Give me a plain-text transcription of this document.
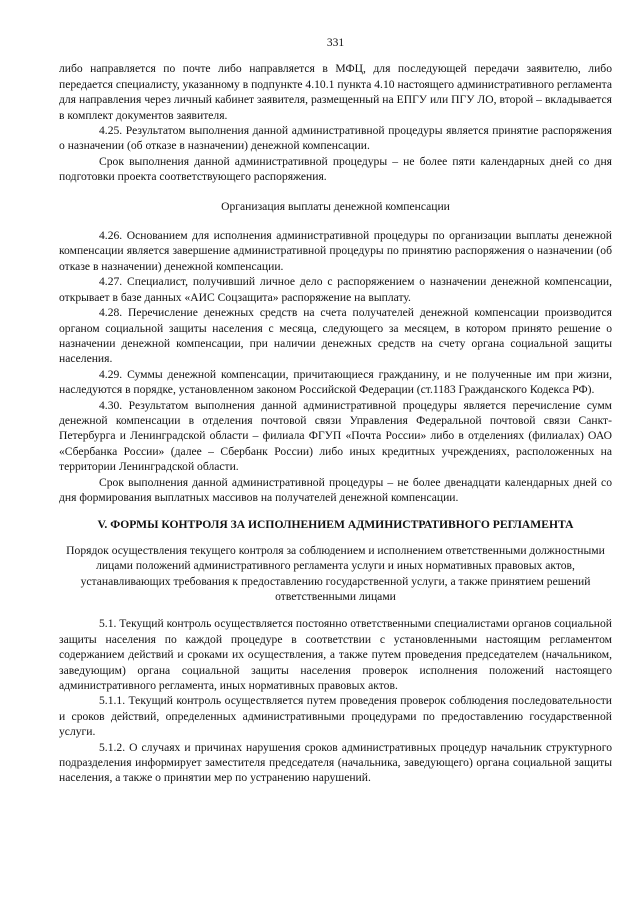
331

либо направляется по почте либо направляется в МФЦ, для последующей передачи заявителю, либо передается специалисту, указанному в подпункте 4.10.1 пункта 4.10 настоящего административного регламента для направления через личный кабинет заявителя, размещенный на ЕПГУ или ПГУ ЛО, второй – вкладывается в комплект документов заявителя.

4.25. Результатом выполнения данной административной процедуры является принятие распоряжения о назначении (об отказе в назначении) денежной компенсации.

Срок выполнения данной административной процедуры – не более пяти календарных дней со дня подготовки проекта соответствующего распоряжения.

Организация выплаты денежной компенсации

4.26. Основанием для исполнения административной процедуры по организации выплаты денежной компенсации является завершение административной процедуры по принятию распоряжения о назначении (об отказе в назначении) денежной компенсации.

4.27. Специалист, получивший личное дело с распоряжением о назначении денежной компенсации, открывает в базе данных «АИС Соцзащита» распоряжение на выплату.

4.28. Перечисление денежных средств на счета получателей денежной компенсации производится органом социальной защиты населения с месяца, следующего за месяцем, в котором принято решение о назначении денежной компенсации, при наличии денежных средств на счету органа социальной защиты населения.

4.29. Суммы денежной компенсации, причитающиеся гражданину, и не полученные им при жизни, наследуются в порядке, установленном законом Российской Федерации (ст.1183 Гражданского Кодекса РФ).

4.30. Результатом выполнения данной административной процедуры является перечисление сумм денежной компенсации в отделения почтовой связи Управления Федеральной почтовой связи Санкт-Петербурга и Ленинградской области – филиала ФГУП «Почта России» либо в отделениях (филиалах) ОАО «Сбербанка России» (далее – Сбербанк России) либо иных кредитных учреждениях, расположенных на территории Ленинградской области.

Срок выполнения данной административной процедуры – не более двенадцати календарных дней со дня формирования выплатных массивов на получателей денежной компенсации.

V. ФОРМЫ КОНТРОЛЯ ЗА ИСПОЛНЕНИЕМ АДМИНИСТРАТИВНОГО РЕГЛАМЕНТА
Порядок осуществления текущего контроля за соблюдением и исполнением ответственными должностными лицами положений административного регламента услуги и иных нормативных правовых актов, устанавливающих требования к предоставлению государственной услуги, а также принятием решений ответственными лицами

5.1. Текущий контроль осуществляется постоянно ответственными специалистами органов социальной защиты населения по каждой процедуре в соответствии с установленными настоящим регламентом содержанием действий и сроками их осуществления, а также путем проведения председателем (начальником, заведующим) органа социальной защиты населения проверок исполнения положений настоящего административного регламента, иных нормативных правовых актов.

5.1.1. Текущий контроль осуществляется путем проведения проверок соблюдения последовательности и сроков действий, определенных административными процедурами по предоставлению государственной услуги.

5.1.2. О случаях и причинах нарушения сроков административных процедур начальник структурного подразделения информирует заместителя председателя (начальника, заведующего) органа социальной защиты населения, а также о принятии мер по устранению нарушений.
